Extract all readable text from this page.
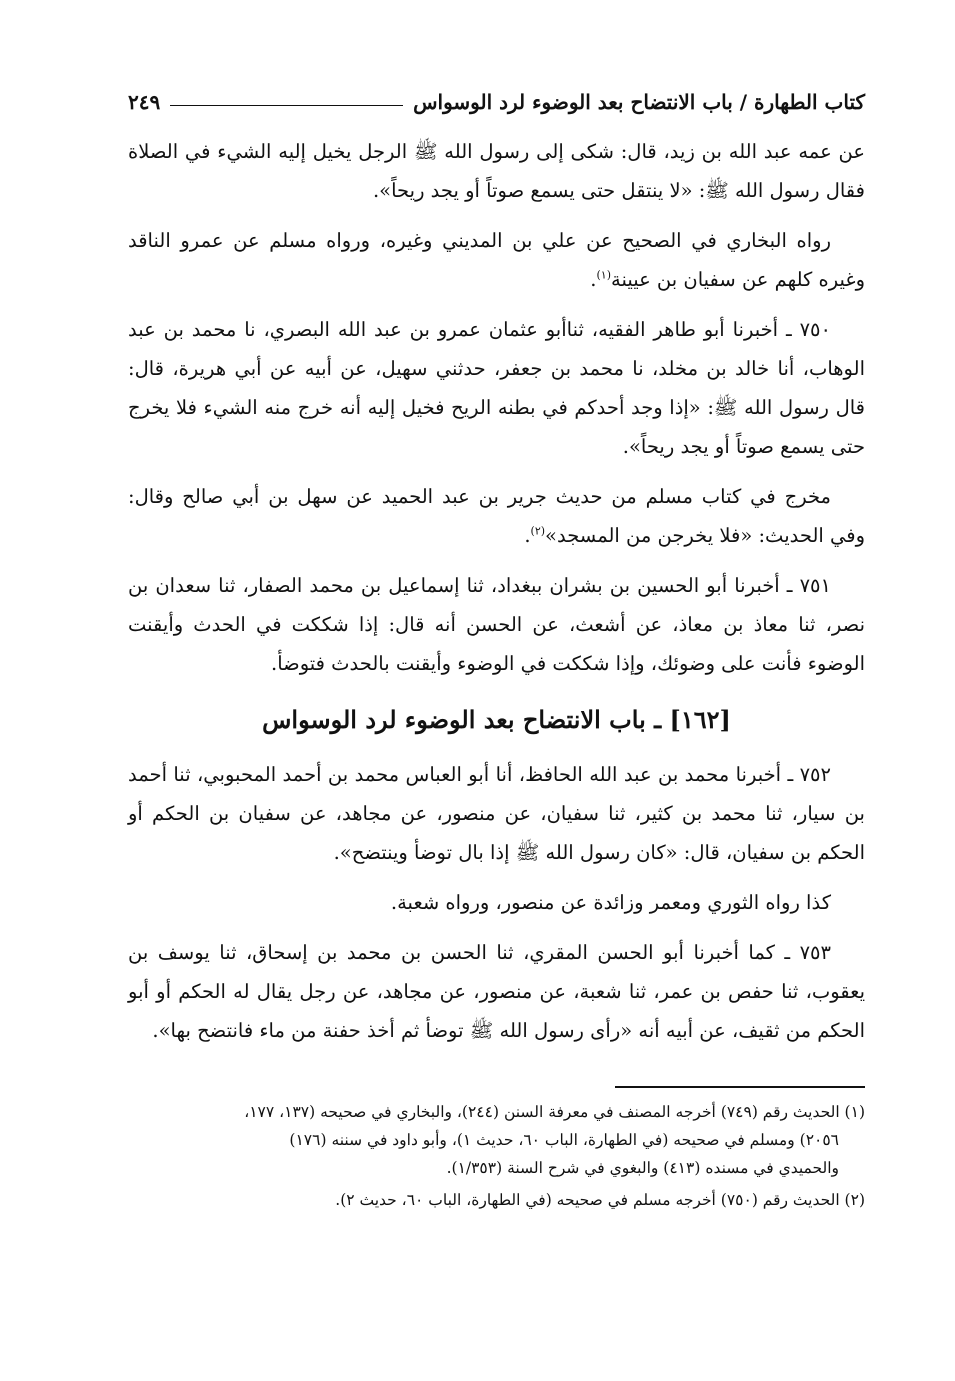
كتاب الطهارة / باب الانتضاح بعد الوضوء لرد الوسواس
٢٤٩

عن عمه عبد الله بن زيد، قال: شكى إلى رسول الله ﷺ الرجل يخيل إليه الشيء في الصلاة فقال رسول الله ﷺ: «لا ينتقل حتى يسمع صوتاً أو يجد ريحاً».

رواه البخاري في الصحيح عن علي بن المديني وغيره، ورواه مسلم عن عمرو الناقد وغيره كلهم عن سفيان بن عيينة$^{(١)}$.

٧٥٠ ـ أخبرنا أبو طاهر الفقيه، ثناأبو عثمان عمرو بن عبد الله البصري، نا محمد بن عبد الوهاب، أنا خالد بن مخلد، نا محمد بن جعفر، حدثني سهيل، عن أبيه عن أبي هريرة، قال: قال رسول الله ﷺ: «إذا وجد أحدكم في بطنه الريح فخيل إليه أنه خرج منه الشيء فلا يخرج حتى يسمع صوتاً أو يجد ريحاً».

مخرج في كتاب مسلم من حديث جرير بن عبد الحميد عن سهل بن أبي صالح وقال: وفي الحديث: «فلا يخرجن من المسجد»$^{(٢)}$.

٧٥١ ـ أخبرنا أبو الحسين بن بشران ببغداد، ثنا إسماعيل بن محمد الصفار، ثنا سعدان بن نصر، ثنا معاذ بن معاذ، عن أشعث، عن الحسن أنه قال: إذا شككت في الحدث وأيقنت الوضوء فأنت على وضوئك، وإذا شككت في الوضوء وأيقنت بالحدث فتوضأ.

[١٦٢] ـ باب الانتضاح بعد الوضوء لرد الوسواس

٧٥٢ ـ أخبرنا محمد بن عبد الله الحافظ، أنا أبو العباس محمد بن أحمد المحبوبي، ثنا أحمد بن سيار، ثنا محمد بن كثير، ثنا سفيان، عن منصور، عن مجاهد، عن سفيان بن الحكم أو الحكم بن سفيان، قال: «كان رسول الله ﷺ إذا بال توضأ وينتضح».

كذا رواه الثوري ومعمر وزائدة عن منصور، ورواه شعبة.

٧٥٣ ـ كما أخبرنا أبو الحسن المقري، ثنا الحسن بن محمد بن إسحاق، ثنا يوسف بن يعقوب، ثنا حفص بن عمر، ثنا شعبة، عن منصور، عن مجاهد، عن رجل يقال له الحكم أو أبو الحكم من ثقيف، عن أبيه أنه «رأى رسول الله ﷺ توضأ ثم أخذ حفنة من ماء فانتضح بها».

(١) الحديث رقم (٧٤٩) أخرجه المصنف في معرفة السنن (٢٤٤)، والبخاري في صحيحه (١٣٧، ١٧٧،
٢٠٥٦) ومسلم في صحيحه (في الطهارة، الباب ٦٠، حديث ١)، وأبو داود في سننه (١٧٦)
والحميدي في مسنده (٤١٣) والبغوي في شرح السنة (١/٣٥٣).

(٢) الحديث رقم (٧٥٠) أخرجه مسلم في صحيحه (في الطهارة، الباب ٦٠، حديث ٢).
